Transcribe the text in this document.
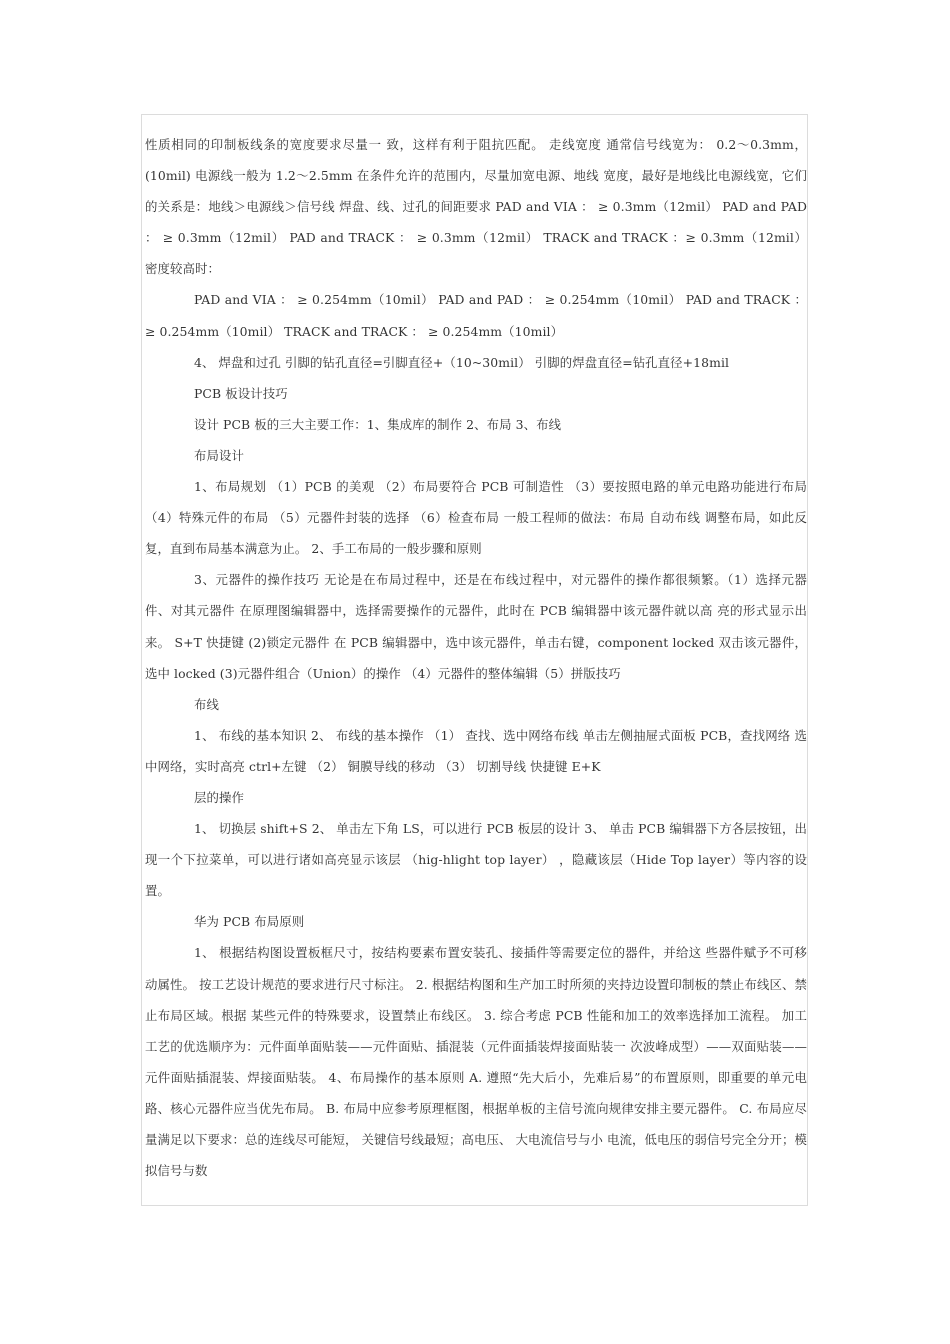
性质相同的印制板线条的宽度要求尽量一 致，这样有利于阻抗匹配。 走线宽度 通常信号线宽为： 0.2～0.3mm，(10mil) 电源线一般为 1.2～2.5mm 在条件允许的范围内，尽量加宽电源、地线 宽度，最好是地线比电源线宽，它们的关系是：地线＞电源线＞信号线 焊盘、线、过孔的间距要求 PAD and VIA ： ≥ 0.3mm（12mil） PAD and PAD ： ≥ 0.3mm（12mil） PAD and TRACK ： ≥ 0.3mm（12mil） TRACK and TRACK ：≥ 0.3mm（12mil） 密度较高时：

PAD and VIA ： ≥ 0.254mm（10mil） PAD and PAD ： ≥ 0.254mm（10mil） PAD and TRACK ：≥ 0.254mm（10mil） TRACK and TRACK ： ≥ 0.254mm（10mil）

4、 焊盘和过孔 引脚的钻孔直径=引脚直径+（10~30mil） 引脚的焊盘直径=钻孔直径+18mil

PCB 板设计技巧

设计 PCB 板的三大主要工作：1、集成库的制作 2、布局 3、布线

布局设计

1、布局规划 （1）PCB 的美观 （2）布局要符合 PCB 可制造性 （3）要按照电路的单元电路功能进行布局 （4）特殊元件的布局 （5）元器件封装的选择 （6）检查布局 一般工程师的做法：布局 自动布线 调整布局，如此反复，直到布局基本满意为止。 2、手工布局的一般步骤和原则

3、元器件的操作技巧 无论是在布局过程中，还是在布线过程中，对元器件的操作都很频繁。（1）选择元器件、对其元器件 在原理图编辑器中，选择需要操作的元器件，此时在 PCB 编辑器中该元器件就以高 亮的形式显示出来。 S+T 快捷键 (2)锁定元器件 在 PCB 编辑器中，选中该元器件，单击右键，component locked 双击该元器件，选中 locked (3)元器件组合（Union）的操作 （4）元器件的整体编辑（5）拼版技巧

布线

1、 布线的基本知识 2、 布线的基本操作 （1） 查找、选中网络布线 单击左侧抽屉式面板 PCB，查找网络 选中网络，实时高亮 ctrl+左键 （2） 铜膜导线的移动 （3） 切割导线 快捷键 E+K

层的操作

1、 切换层 shift+S 2、 单击左下角 LS，可以进行 PCB 板层的设计 3、 单击 PCB 编辑器下方各层按钮，出现一个下拉菜单，可以进行诸如高亮显示该层 （hig-hlight top layer） ，隐藏该层（Hide Top layer）等内容的设置。

华为 PCB 布局原则

1、 根据结构图设置板框尺寸，按结构要素布置安装孔、接插件等需要定位的器件，并给这 些器件赋予不可移动属性。 按工艺设计规范的要求进行尺寸标注。 2. 根据结构图和生产加工时所须的夹持边设置印制板的禁止布线区、禁止布局区域。根据 某些元件的特殊要求，设置禁止布线区。 3. 综合考虑 PCB 性能和加工的效率选择加工流程。 加工工艺的优选顺序为：元件面单面贴装——元件面贴、插混装（元件面插装焊接面贴装一 次波峰成型）——双面贴装——元件面贴插混装、焊接面贴装。 4、布局操作的基本原则 A. 遵照“先大后小，先难后易”的布置原则，即重要的单元电路、核心元器件应当优先布局。 B. 布局中应参考原理框图，根据单板的主信号流向规律安排主要元器件。 C. 布局应尽量满足以下要求：总的连线尽可能短， 关键信号线最短；高电压、 大电流信号与小 电流，低电压的弱信号完全分开；模拟信号与数
